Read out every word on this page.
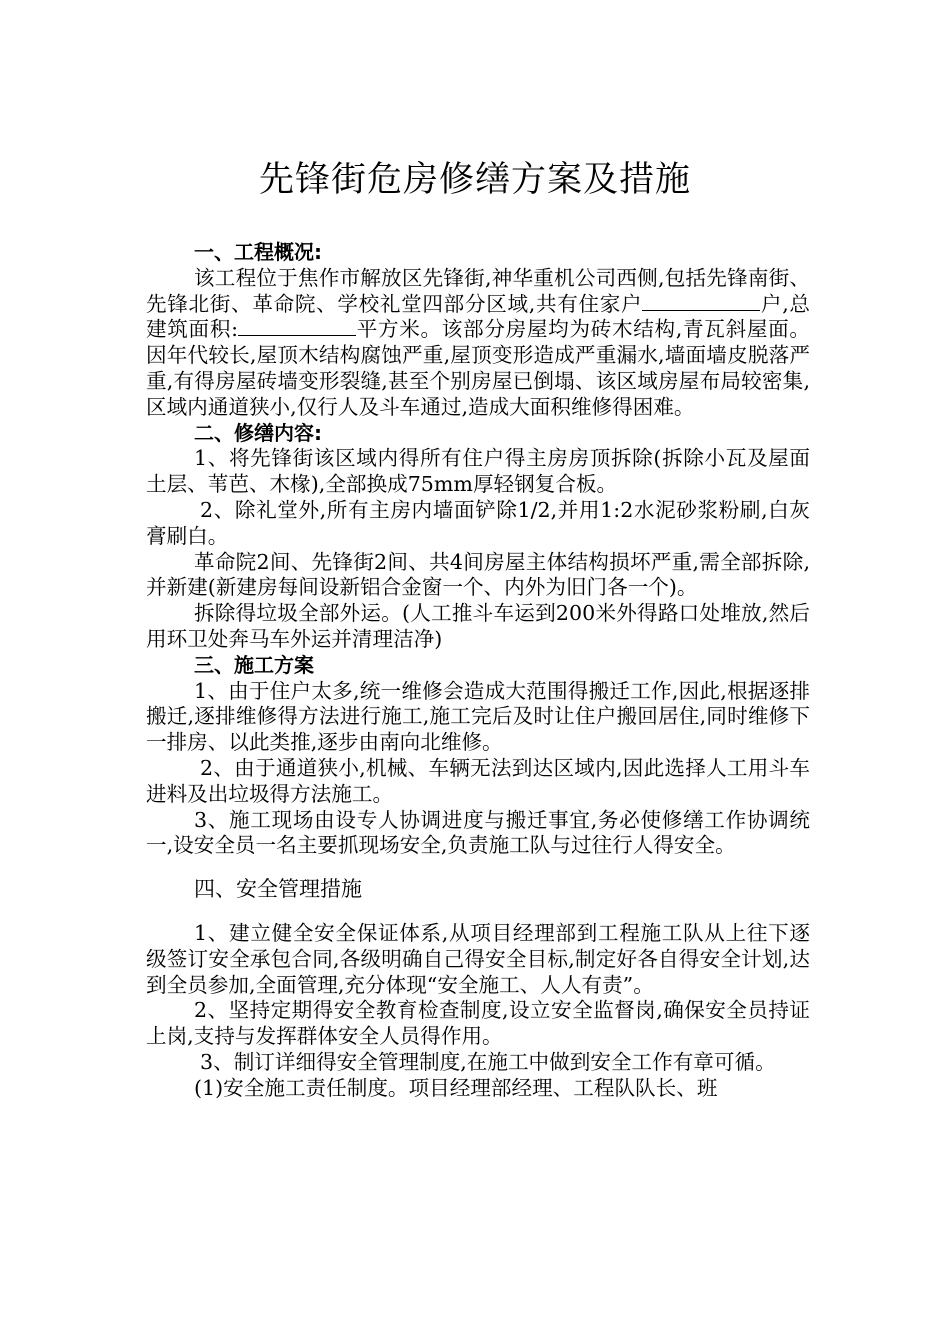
先锋街危房修缮方案及措施

一、工程概况:

该工程位于焦作市解放区先锋街,神华重机公司西侧,包括先锋南街、先锋北街、革命院、学校礼堂四部分区域,共有住家户	户,总建筑面积:	平方米。该部分房屋均为砖木结构,青瓦斜屋面。因年代较长,屋顶木结构腐蚀严重,屋顶变形造成严重漏水,墙面墙皮脱落严重,有得房屋砖墙变形裂缝,甚至个别房屋已倒塌、该区域房屋布局较密集,区域内通道狭小,仅行人及斗车通过,造成大面积维修得困难。

二、修缮内容:

1、将先锋街该区域内得所有住户得主房房顶拆除(拆除小瓦及屋面土层、苇芭、木椽),全部换成75mm厚轻钢复合板。

2、除礼堂外,所有主房内墙面铲除1/2,并用1:2水泥砂浆粉刷,白灰膏刷白。

革命院2间、先锋街2间、共4间房屋主体结构损坏严重,需全部拆除,并新建(新建房每间设新铝合金窗一个、内外为旧门各一个)。

拆除得垃圾全部外运。(人工推斗车运到200米外得路口处堆放,然后用环卫处奔马车外运并清理洁净)

三、施工方案

1、由于住户太多,统一维修会造成大范围得搬迁工作,因此,根据逐排搬迁,逐排维修得方法进行施工,施工完后及时让住户搬回居住,同时维修下一排房、以此类推,逐步由南向北维修。

2、由于通道狭小,机械、车辆无法到达区域内,因此选择人工用斗车进料及出垃圾得方法施工。

3、施工现场由设专人协调进度与搬迁事宜,务必使修缮工作协调统一,设安全员一名主要抓现场安全,负责施工队与过往行人得安全。

四、安全管理措施

1、建立健全安全保证体系,从项目经理部到工程施工队从上往下逐级签订安全承包合同,各级明确自己得安全目标,制定好各自得安全计划,达到全员参加,全面管理,充分体现“安全施工、人人有责”。

2、坚持定期得安全教育检查制度,设立安全监督岗,确保安全员持证上岗,支持与发挥群体安全人员得作用。

3、制订详细得安全管理制度,在施工中做到安全工作有章可循。

(1)安全施工责任制度。项目经理部经理、工程队队长、班
